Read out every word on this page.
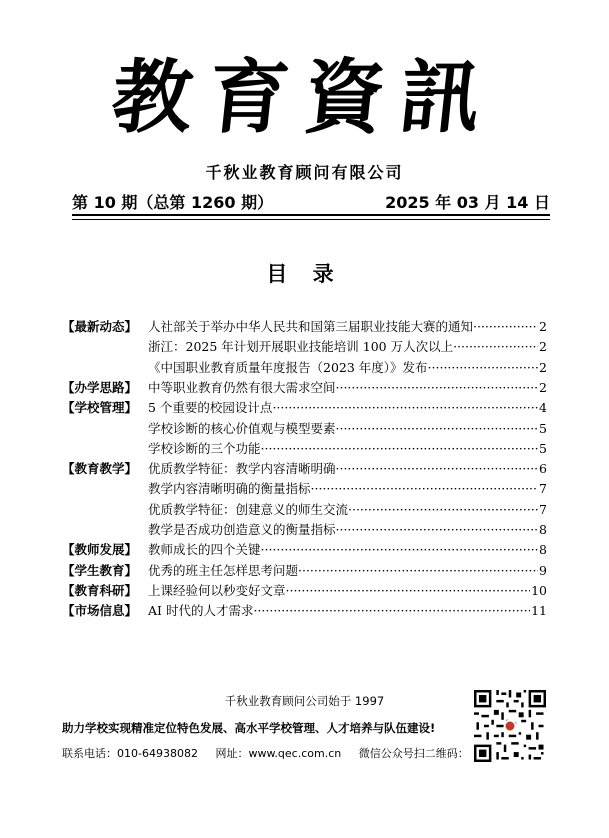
教育資訊
千秋业教育顾问有限公司
第 10 期（总第 1260 期）	2025 年 03 月 14 日
目 录
【最新动态】 人社部关于举办中华人民共和国第三届职业技能大赛的通知 ·····	2
浙江：2025 年计划开展职业技能培训 100 万人次以上 ·····	2
《中国职业教育质量年度报告（2023 年度）》发布 ·····	2
【办学思路】 中等职业教育仍然有很大需求空间 ·····	2
【学校管理】 5 个重要的校园设计点 ·····	4
学校诊断的核心价值观与模型要素 ·····	5
学校诊断的三个功能 ·····	5
【教育教学】 优质教学特征：教学内容清晰明确 ·····	6
教学内容清晰明确的衡量指标 ·····	7
优质教学特征：创建意义的师生交流 ·····	7
教学是否成功创造意义的衡量指标 ·····	8
【教师发展】 教师成长的四个关键 ·····	8
【学生教育】 优秀的班主任怎样思考问题 ·····	9
【教育科研】 上课经验何以秒变好文章 ·····	10
【市场信息】 AI 时代的人才需求 ·····	11
千秋业教育顾问公司始于 1997
助力学校实现精准定位特色发展、高水平学校管理、人才培养与队伍建设!
联系电话：010-64938082 网址：www.qec.com.cn 微信公众号扫二维码：
